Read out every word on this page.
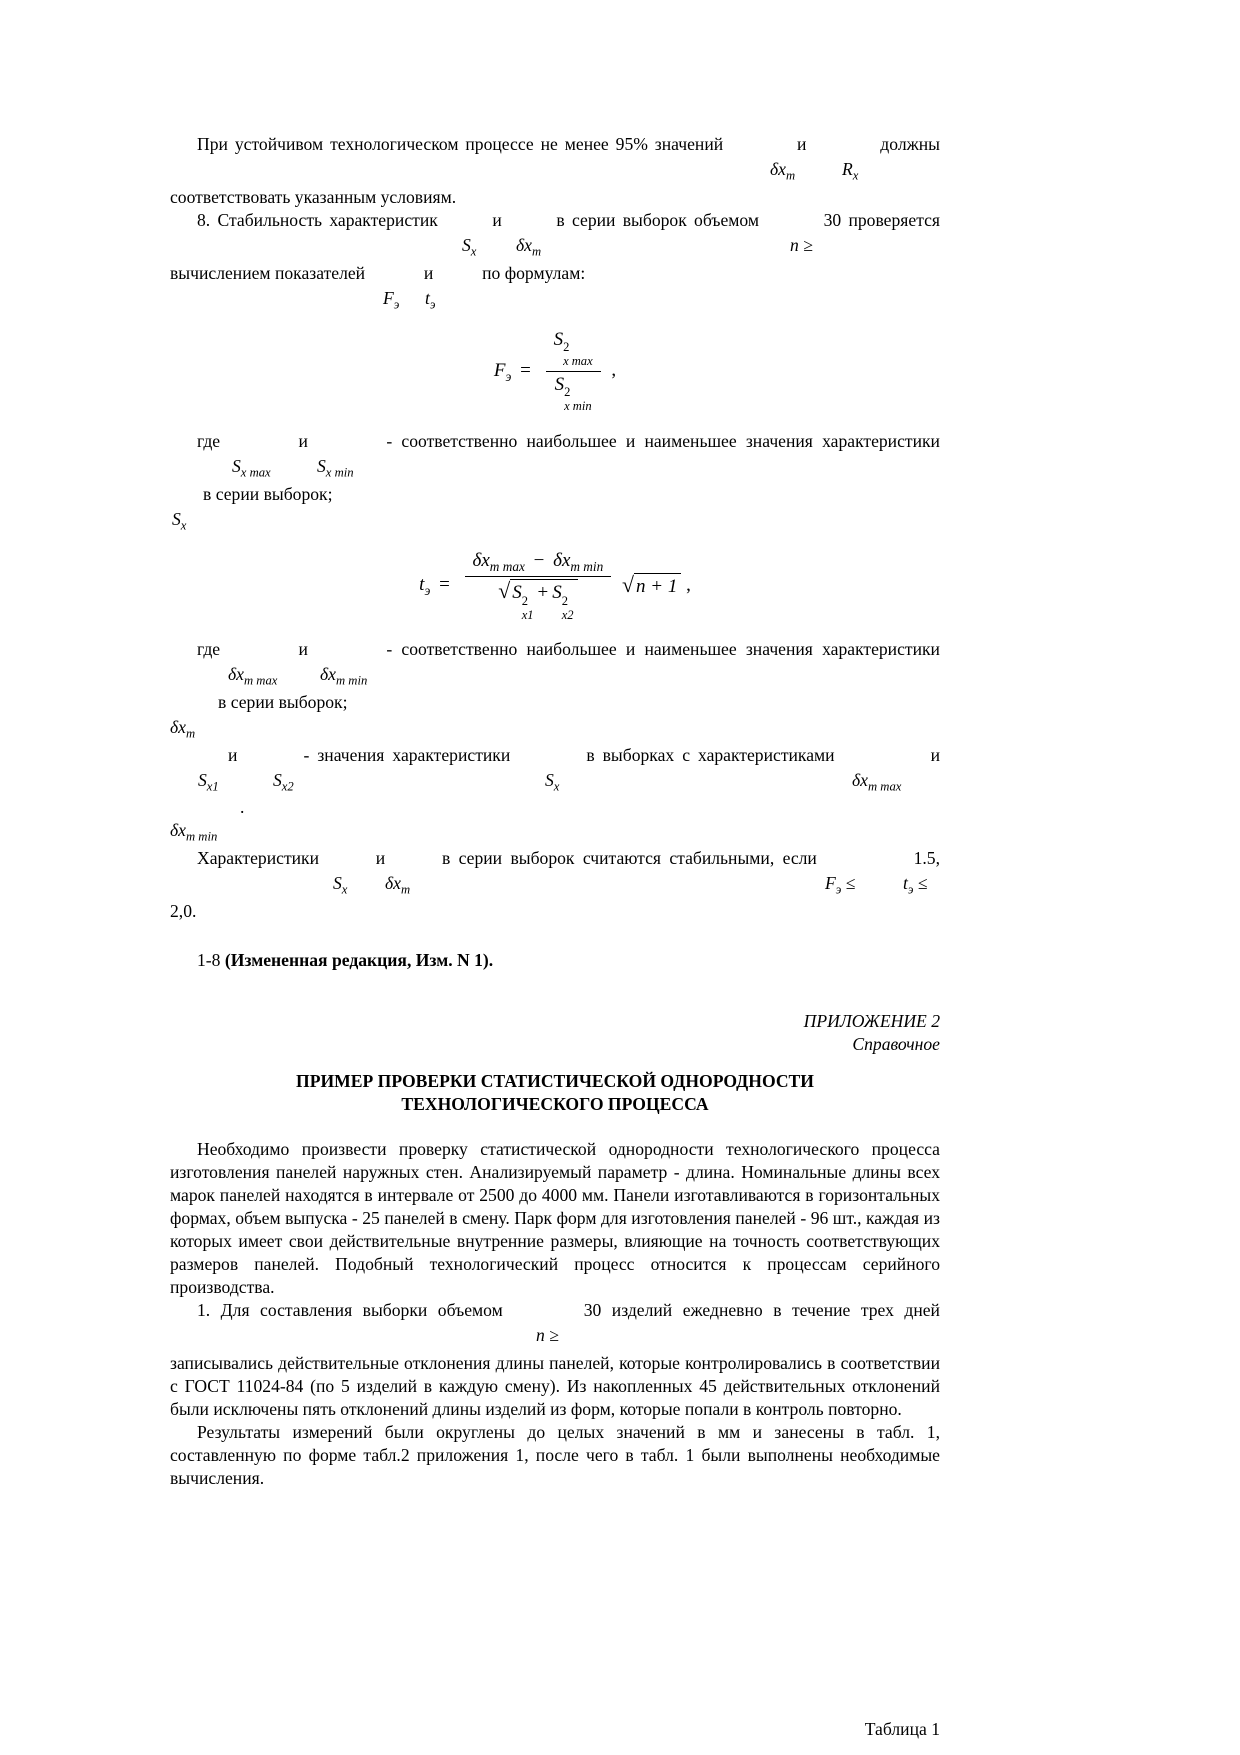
При устойчивом технологическом процессе не менее 95% значений	и	должны
$\delta x_m$	$R_x$
соответствовать указанным условиям.
8. Стабильность характеристик	и	в серии выборок объемом	30 проверяется
$S_x$ $\delta x_m$	n ≥
вычислением показателей	и	по формулам:
$F_э$ $t_э$
$F_э = S$ 2
x max
S 2
x min ,
где	и	- соответственно наибольшее и наименьшее значения характеристики
$S_{x max}$	$S_{x min}$
в серии выборок;
$S_x$
$t_э = \delta x_{m max} - \delta x_{m min}$
√ S 2
x1
+ S 2
x2 √ n + 1 ,
где	и	- соответственно наибольшее и наименьшее значения характеристики
$\delta x_{m max}$ $\delta x_{m min}$
в серии выборок;
$\delta x_m$
и	- значения характеристики	в выборках с характеристиками	и
$S_{x1}$	$S_{x2}$	$S_x$	$\delta x_{m max}$
.
$\delta x_{m min}$
Характеристики	и	в серии выборок считаются стабильными, если	1.5,
$S_x$ $\delta x_m$	$F_э$ ≤	$t_э$ ≤
2,0.
1-8 (Измененная редакция, Изм. N 1).
ПРИЛОЖЕНИЕ 2
Справочное
ПРИМЕР ПРОВЕРКИ СТАТИСТИЧЕСКОЙ ОДНОРОДНОСТИ
ТЕХНОЛОГИЧЕСКОГО ПРОЦЕССА
Необходимо произвести проверку статистической однородности технологического процесса изготовления панелей наружных стен. Анализируемый параметр - длина. Номинальные длины всех марок панелей находятся в интервале от 2500 до 4000 мм. Панели изготавливаются в горизонтальных формах, объем выпуска - 25 панелей в смену. Парк форм для изготовления панелей - 96 шт., каждая из которых имеет свои действительные внутренние размеры, влияющие на точность соответствующих размеров панелей. Подобный технологический процесс относится к процессам серийного производства.
1. Для составления выборки объемом	30 изделий ежедневно в течение трех дней
n ≥
записывались действительные отклонения длины панелей, которые контролировались в соответствии с ГОСТ 11024-84 (по 5 изделий в каждую смену). Из накопленных 45 действительных отклонений были исключены пять отклонений длины изделий из форм, которые попали в контроль повторно.
Результаты измерений были округлены до целых значений в мм и занесены в табл. 1, составленную по форме табл.2 приложения 1, после чего в табл. 1 были выполнены необходимые вычисления.
Таблица 1
